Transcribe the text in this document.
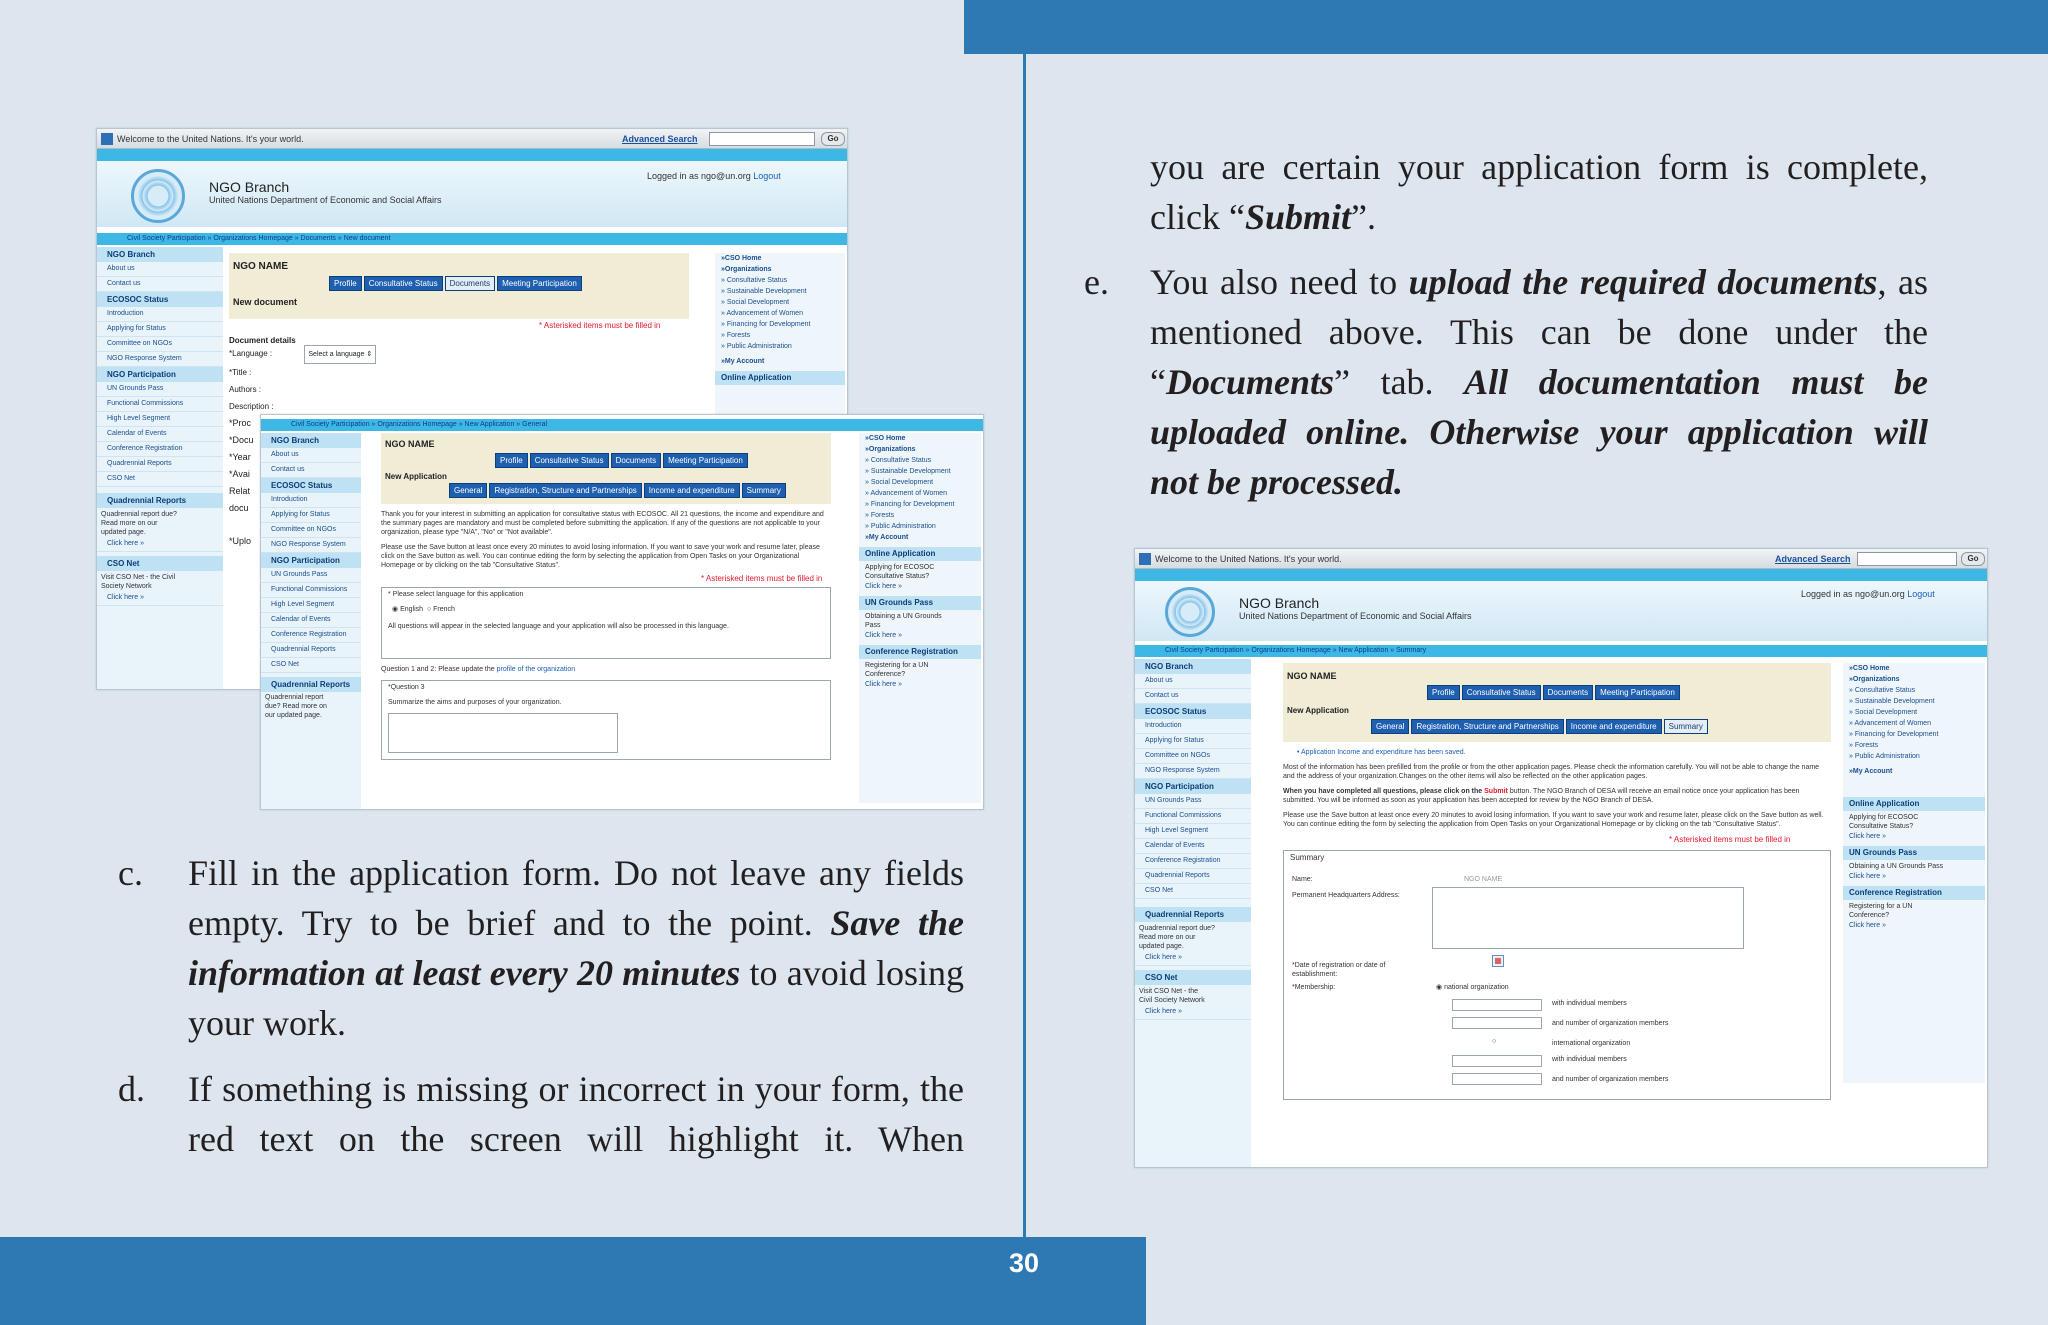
30
Welcome to the United Nations. It's your world.	Advanced Search	Go
NGO Branch
United Nations Department of Economic and Social Affairs
Logged in as ngo@un.org Logout
Civil Society Participation » Organizations Homepage » Documents » New document
NGO Branch
About us
Contact us
ECOSOC Status
Introduction
Applying for Status
Committee on NGOs
NGO Response System
NGO Participation
UN Grounds Pass
Functional Commissions
High Level Segment
Calendar of Events
Conference Registration
Quadrennial Reports
CSO Net
Quadrennial Reports
Quadrennial report due? Read more on our updated page.
Click here »
CSO Net
Visit CSO Net - the Civil Society Network
Click here »
NGO NAME
Profile Consultative Status Documents Meeting Participation
New document
* Asterisked items must be filled in
Document details
*Language :	Select a language ⇕
*Title :
Authors :
Description :
*Proc
*Docu
*Year
*Avai
Relat
docu
*Uplo
»CSO Home
»Organizations
» Consultative Status
» Sustainable Development
» Social Development
» Advancement of Women
» Financing for Development
» Forests
» Public Administration
»My Account
Online Application
Civil Society Participation » Organizations Homepage » New Application » General
NGO Branch
About us
Contact us
ECOSOC Status
Introduction
Applying for Status
Committee on NGOs
NGO Response System
NGO Participation
UN Grounds Pass
Functional Commissions
High Level Segment
Calendar of Events
Conference Registration
Quadrennial Reports
CSO Net
Quadrennial Reports
Quadrennial report due? Read more on our updated page.
NGO NAME
Profile Consultative Status Documents Meeting Participation
New Application
General Registration, Structure and Partnerships Income and expenditure Summary
Thank you for your interest in submitting an application for consultative status with ECOSOC. All 21 questions, the income and expenditure and the summary pages are mandatory and must be completed before submitting the application. If any of the questions are not applicable to your organization, please type "N/A", "No" or "Not available".
Please use the Save button at least once every 20 minutes to avoid losing information. If you want to save your work and resume later, please click on the Save button as well. You can continue editing the form by selecting the application from Open Tasks on your Organizational Homepage or by clicking on the tab "Consultative Status".
* Asterisked items must be filled in
* Please select language for this application
◉ English  ○ French
All questions will appear in the selected language and your application will also be processed in this language.
Question 1 and 2: Please update the profile of the organization
*Question 3
Summarize the aims and purposes of your organization.
»CSO Home
»Organizations
» Consultative Status
» Sustainable Development
» Social Development
» Advancement of Women
» Financing for Development
» Forests
» Public Administration
»My Account
Online Application
Applying for ECOSOC Consultative Status?
Click here »
UN Grounds Pass
Obtaining a UN Grounds Pass
Click here »
Conference Registration
Registering for a UN Conference?
Click here »
Welcome to the United Nations. It's your world.	Advanced Search	Go
NGO Branch
United Nations Department of Economic and Social Affairs
Logged in as ngo@un.org Logout
Civil Society Participation » Organizations Homepage » New Application » Summary
NGO Branch
About us
Contact us
ECOSOC Status
Introduction
Applying for Status
Committee on NGOs
NGO Response System
NGO Participation
UN Grounds Pass
Functional Commissions
High Level Segment
Calendar of Events
Conference Registration
Quadrennial Reports
CSO Net
Quadrennial Reports
Quadrennial report due? Read more on our updated page.
Click here »
CSO Net
Visit CSO Net - the Civil Society Network
Click here »
NGO NAME
Profile Consultative Status Documents Meeting Participation
New Application
General Registration, Structure and Partnerships Income and expenditure Summary
• Application Income and expenditure has been saved.
Most of the information has been prefilled from the profile or from the other application pages. Please check the information carefully. You will not be able to change the name and the address of your organization.Changes on the other items will also be reflected on the other application pages.
When you have completed all questions, please click on the Submit button. The NGO Branch of DESA will receive an email notice once your application has been submitted. You will be informed as soon as your application has been accepted for review by the NGO Branch of DESA.
Please use the Save button at least once every 20 minutes to avoid losing information. If you want to save your work and resume later, please click on the Save button as well. You can continue editing the form by selecting the application from Open Tasks on your Organizational Homepage or by clicking on the tab "Consultative Status".
* Asterisked items must be filled in
Summary
Name:	NGO NAME
Permanent Headquarters Address:
*Date of registration or date of establishment:
▦
*Membership:	◉ national organization
with individual members
and number of organization members
○	international organization
with individual members
and number of organization members
»CSO Home
»Organizations
» Consultative Status
» Sustainable Development
» Social Development
» Advancement of Women
» Financing for Development
» Forests
» Public Administration
»My Account
Online Application
Applying for ECOSOC Consultative Status?
Click here »
UN Grounds Pass
Obtaining a UN Grounds Pass
Click here »
Conference Registration
Registering for a UN Conference?
Click here »
c. Fill in the application form. Do not leave any fields empty. Try to be brief and to the point. Save the information at least every 20 minutes to avoid losing your work.
d. If something is missing or incorrect in your form, the red text on the screen will highlight it. When
you are certain your application form is complete, click “Submit”.
e. You also need to upload the required documents, as mentioned above. This can be done under the “Documents” tab. All documentation must be uploaded online. Otherwise your application will not be processed.
